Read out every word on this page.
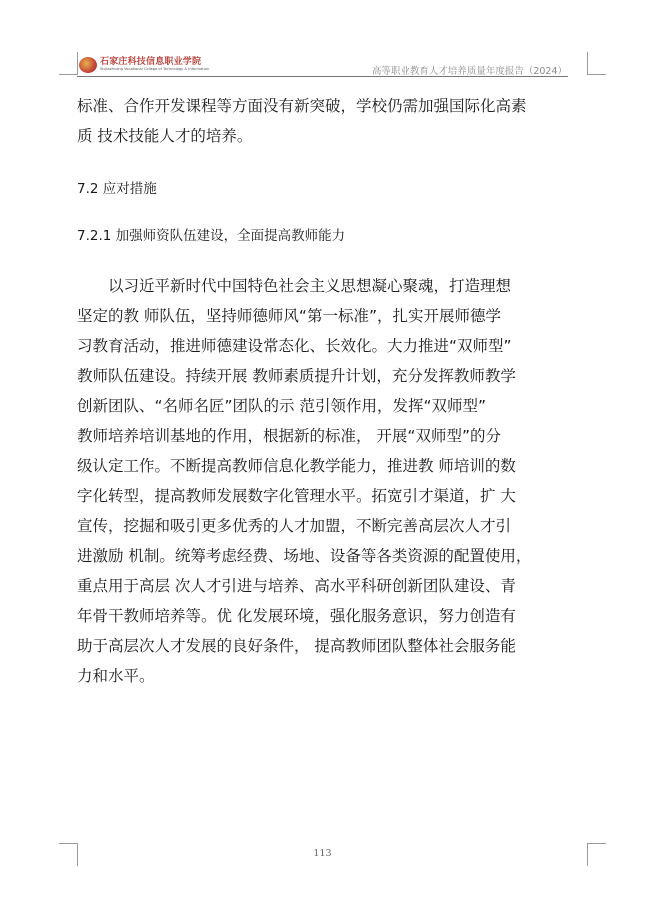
石家庄科技信息职业学院
Shijiazhuang Vocational College of Technology & Information	高等职业教育人才培养质量年度报告（2024）
标准、合作开发课程等方面没有新突破，学校仍需加强国际化高素
质 技术技能人才的培养。
7.2 应对措施
7.2.1 加强师资队伍建设，全面提高教师能力
以习近平新时代中国特色社会主义思想凝心聚魂，打造理想
坚定的教 师队伍，坚持师德师风“第一标准”，扎实开展师德学
习教育活动，推进师德建设常态化、长效化。大力推进“双师型”
教师队伍建设。持续开展 教师素质提升计划，充分发挥教师教学
创新团队、“名师名匠”团队的示 范引领作用，发挥“双师型”
教师培养培训基地的作用，根据新的标准， 开展“双师型”的分
级认定工作。不断提高教师信息化教学能力，推进教 师培训的数
字化转型，提高教师发展数字化管理水平。拓宽引才渠道，扩 大
宣传，挖掘和吸引更多优秀的人才加盟，不断完善高层次人才引
进激励 机制。统筹考虑经费、场地、设备等各类资源的配置使用，
重点用于高层 次人才引进与培养、高水平科研创新团队建设、青
年骨干教师培养等。优 化发展环境，强化服务意识，努力创造有
助于高层次人才发展的良好条件， 提高教师团队整体社会服务能
力和水平。
113
